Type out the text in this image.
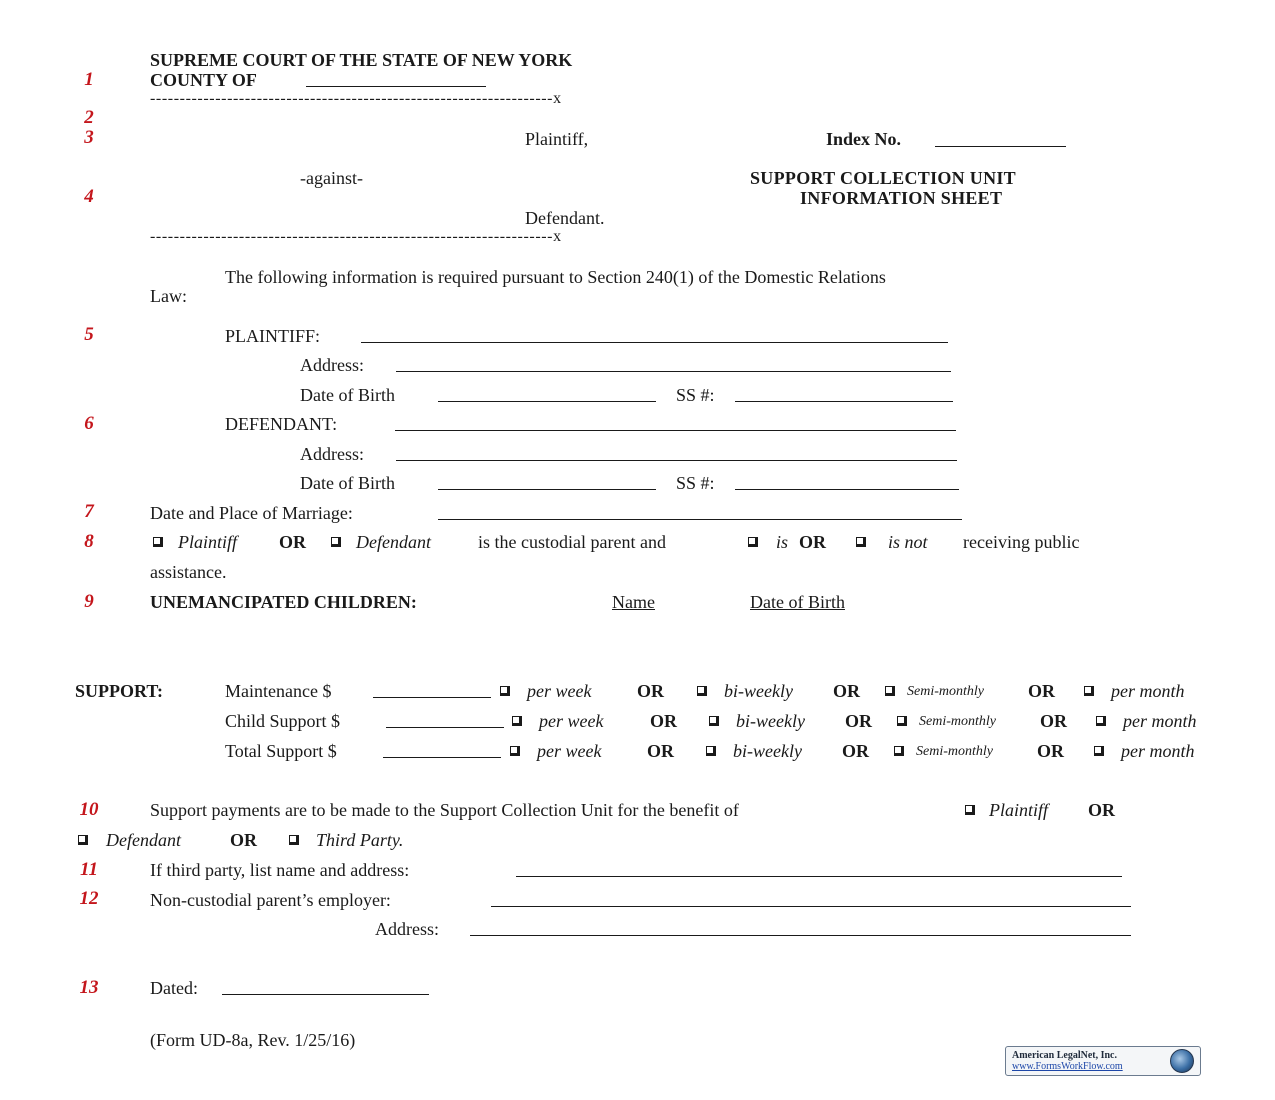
1
2
3
4
5
6
7
8
9
10
11
12
13
SUPREME COURT OF THE STATE OF NEW YORK
COUNTY OF
--------------------------------------------------------------------x
Plaintiff,	Index No.
-against-	SUPPORT COLLECTION UNIT
INFORMATION SHEET
Defendant.
--------------------------------------------------------------------x
The following information is required pursuant to Section 240(1) of the Domestic Relations
Law:
PLAINTIFF:
Address:
Date of Birth	SS #:
DEFENDANT:
Address:
Date of Birth	SS #:
Date and Place of Marriage:
Plaintiff OR	Defendant	is the custodial parent and	is OR	is not receiving public
assistance.
UNEMANCIPATED CHILDREN:	Name	Date of Birth
SUPPORT:	Maintenance $	per week	OR	bi-weekly OR	Semi-monthly OR	per month
Child Support $	per week	OR	bi-weekly OR	Semi-monthly OR	per month
Total Support $	per week	OR	bi-weekly OR	Semi-monthly OR	per month
Support payments are to be made to the Support Collection Unit for the benefit of	Plaintiff OR
Defendant	OR	Third Party.
If third party, list name and address:
Non-custodial parent’s employer:
Address:
Dated:
(Form UD-8a, Rev. 1/25/16)
American LegalNet, Inc.
www.FormsWorkFlow.com
